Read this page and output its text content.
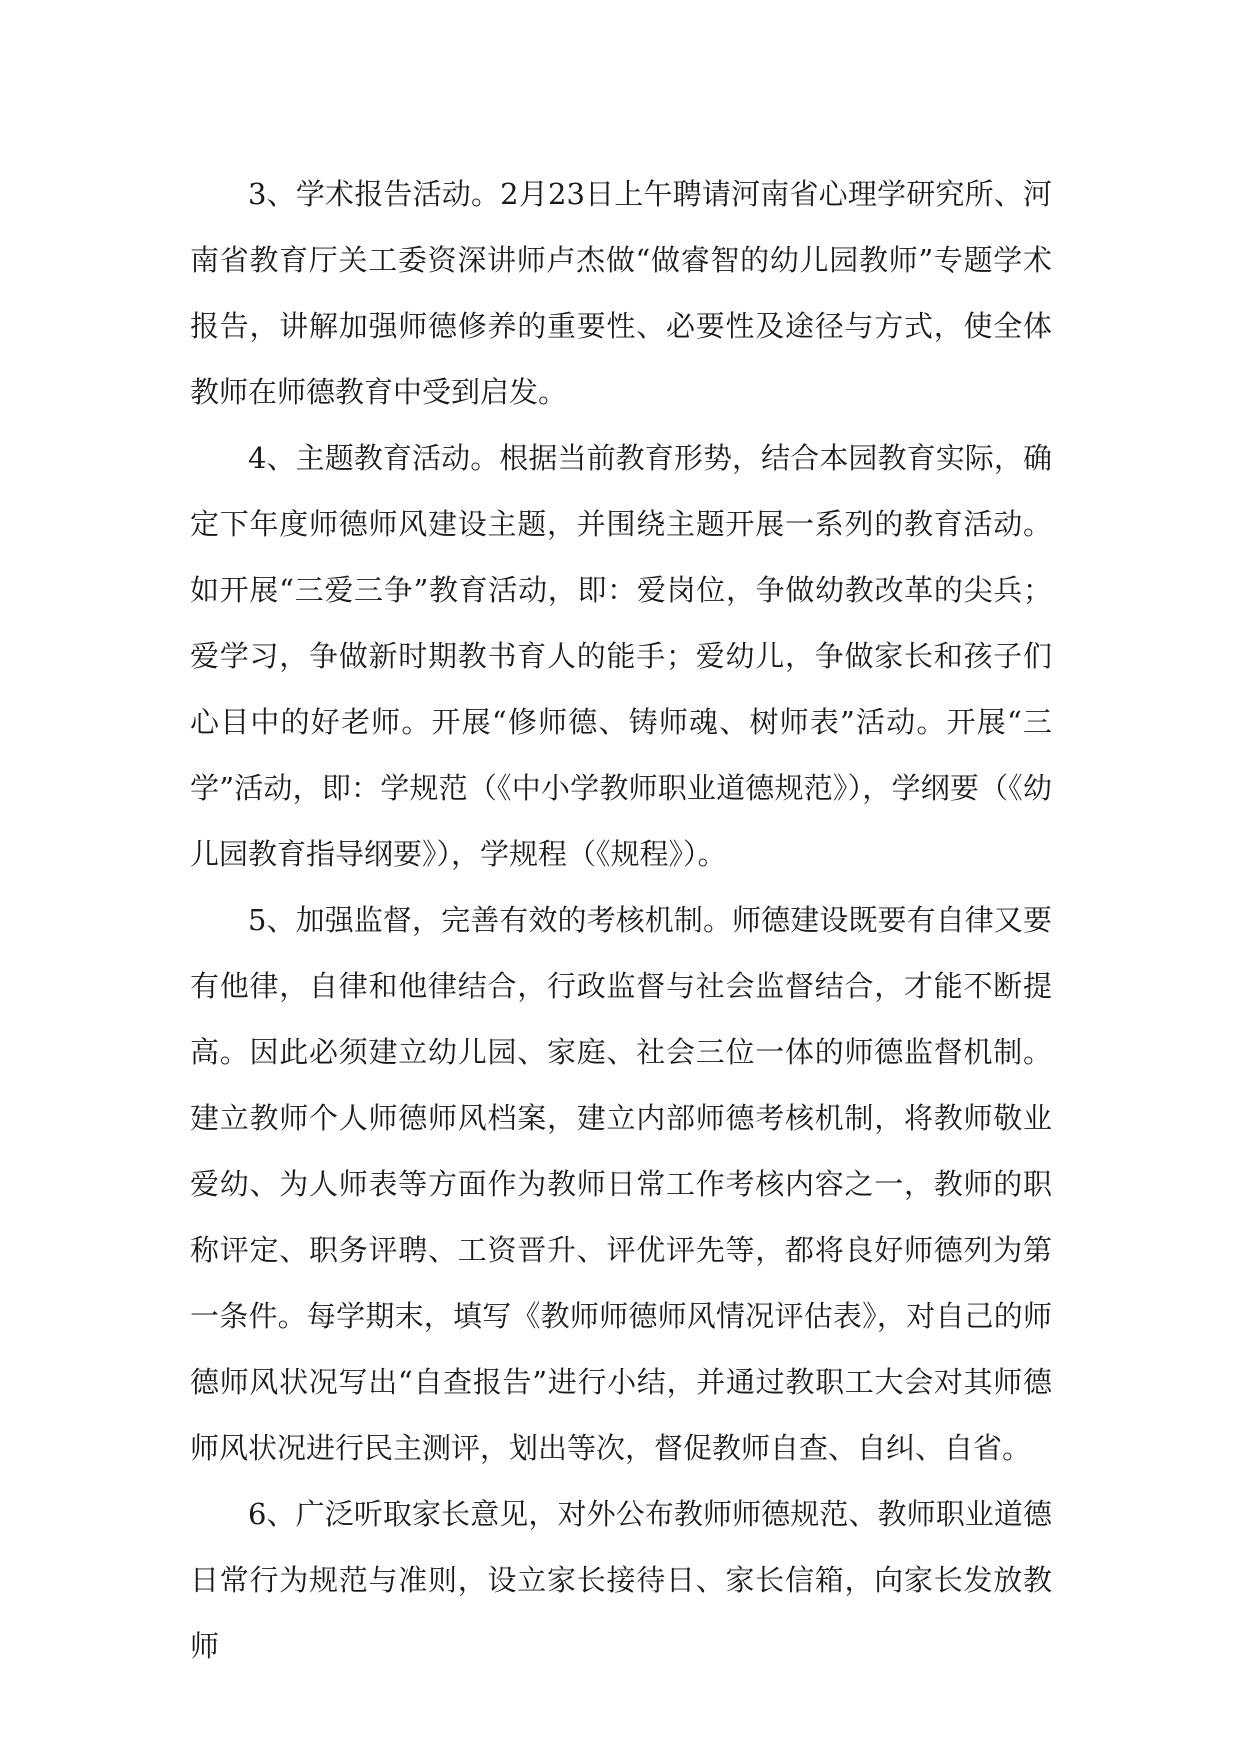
3、学术报告活动。2月23日上午聘请河南省心理学研究所、河南省教育厅关工委资深讲师卢杰做“做睿智的幼儿园教师”专题学术报告，讲解加强师德修养的重要性、必要性及途径与方式，使全体教师在师德教育中受到启发。

4、主题教育活动。根据当前教育形势，结合本园教育实际，确定下年度师德师风建设主题，并围绕主题开展一系列的教育活动。如开展“三爱三争”教育活动，即：爱岗位，争做幼教改革的尖兵；爱学习，争做新时期教书育人的能手；爱幼儿，争做家长和孩子们心目中的好老师。开展“修师德、铸师魂、树师表”活动。开展“三学”活动，即：学规范（《中小学教师职业道德规范》），学纲要（《幼儿园教育指导纲要》），学规程（《规程》）。

5、加强监督，完善有效的考核机制。师德建设既要有自律又要有他律，自律和他律结合，行政监督与社会监督结合，才能不断提高。因此必须建立幼儿园、家庭、社会三位一体的师德监督机制。建立教师个人师德师风档案，建立内部师德考核机制，将教师敬业爱幼、为人师表等方面作为教师日常工作考核内容之一，教师的职称评定、职务评聘、工资晋升、评优评先等，都将良好师德列为第一条件。每学期末，填写《教师师德师风情况评估表》，对自己的师德师风状况写出“自查报告”进行小结，并通过教职工大会对其师德师风状况进行民主测评，划出等次，督促教师自查、自纠、自省。

6、广泛听取家长意见，对外公布教师师德规范、教师职业道德日常行为规范与准则，设立家长接待日、家长信箱，向家长发放教师
